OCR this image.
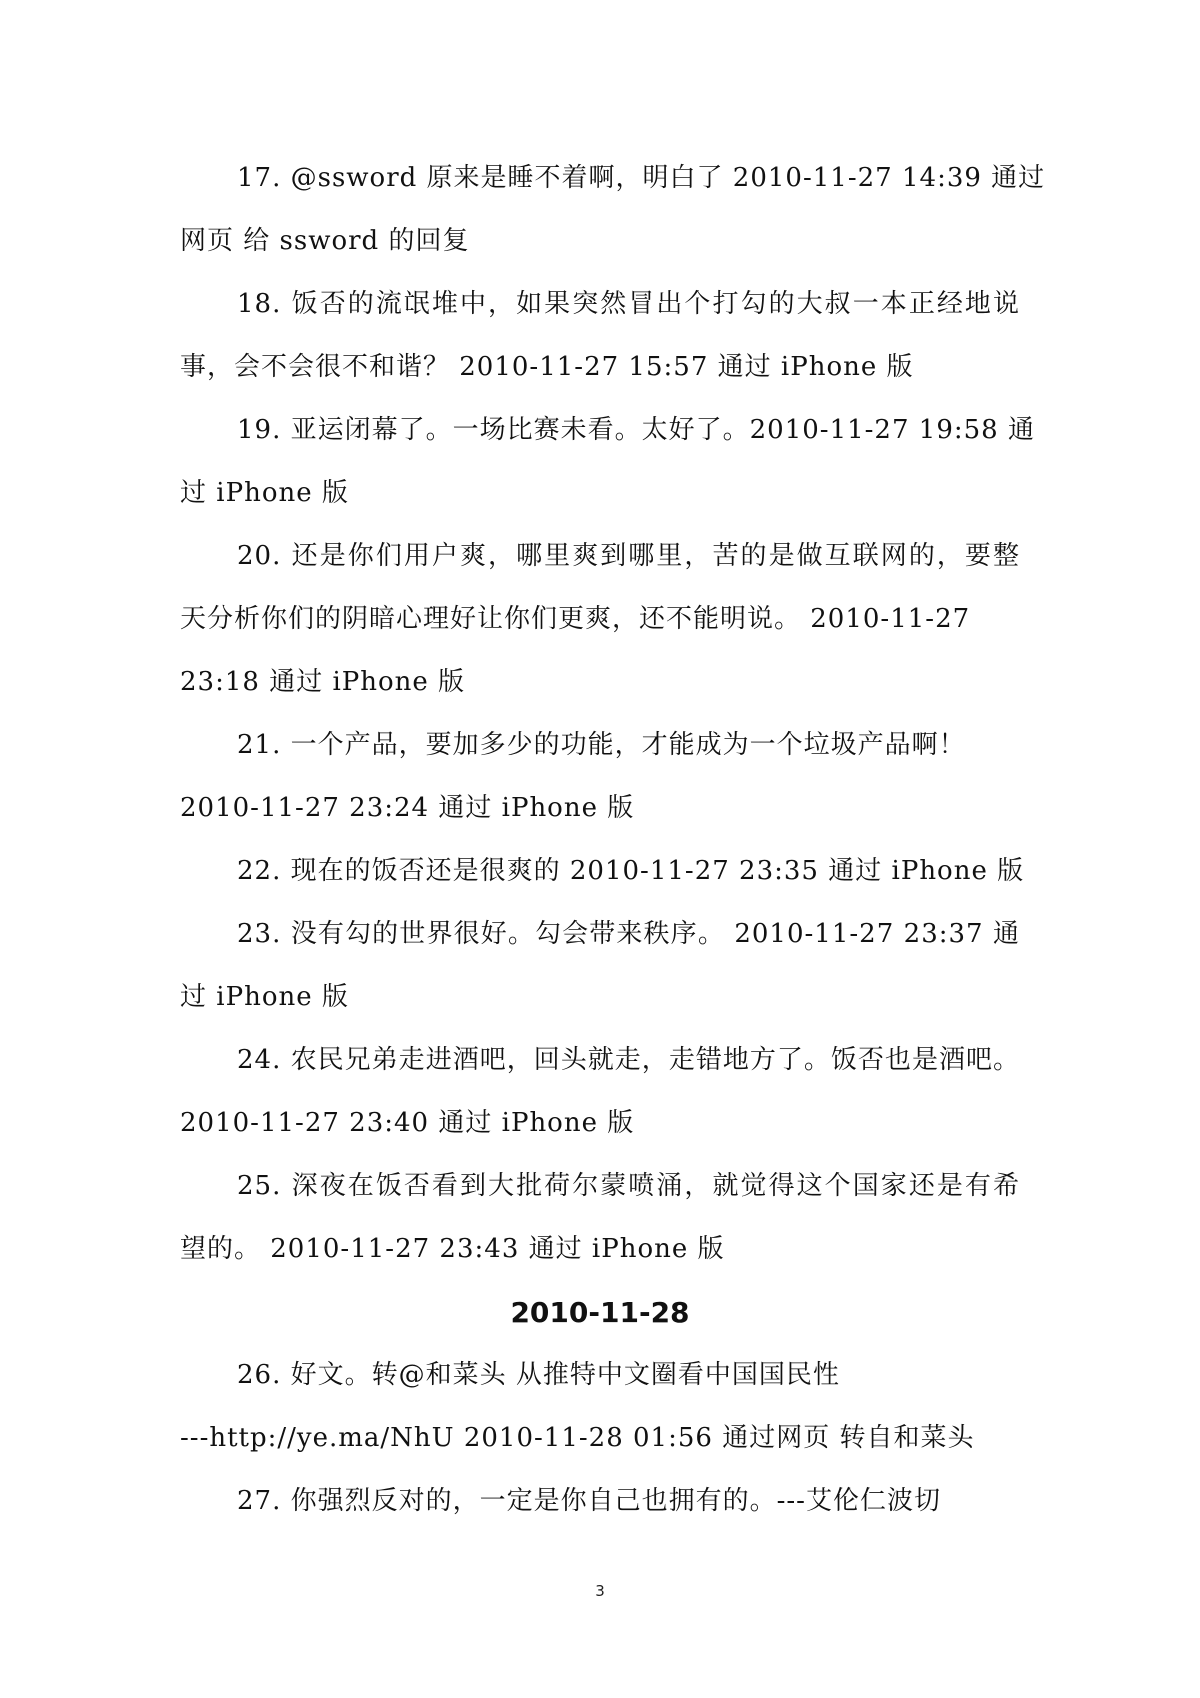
17. @ssword 原来是睡不着啊，明白了 2010-11-27 14:39 通过
网页 给 ssword 的回复
18. 饭否的流氓堆中，如果突然冒出个打勾的大叔一本正经地说
事，会不会很不和谐？ 2010-11-27 15:57 通过 iPhone 版
19. 亚运闭幕了。一场比赛未看。太好了。2010-11-27 19:58 通
过 iPhone 版
20. 还是你们用户爽，哪里爽到哪里，苦的是做互联网的，要整
天分析你们的阴暗心理好让你们更爽，还不能明说。 2010-11-27
23:18 通过 iPhone 版
21. 一个产品，要加多少的功能，才能成为一个垃圾产品啊！
2010-11-27 23:24 通过 iPhone 版
22. 现在的饭否还是很爽的 2010-11-27 23:35 通过 iPhone 版
23. 没有勾的世界很好。勾会带来秩序。 2010-11-27 23:37 通
过 iPhone 版
24. 农民兄弟走进酒吧，回头就走，走错地方了。饭否也是酒吧。
2010-11-27 23:40 通过 iPhone 版
25. 深夜在饭否看到大批荷尔蒙喷涌，就觉得这个国家还是有希
望的。 2010-11-27 23:43 通过 iPhone 版
2010-11-28
26. 好文。转@和菜头 从推特中文圈看中国国民性
---http://ye.ma/NhU 2010-11-28 01:56 通过网页 转自和菜头
27. 你强烈反对的，一定是你自己也拥有的。---艾伦仁波切
3
